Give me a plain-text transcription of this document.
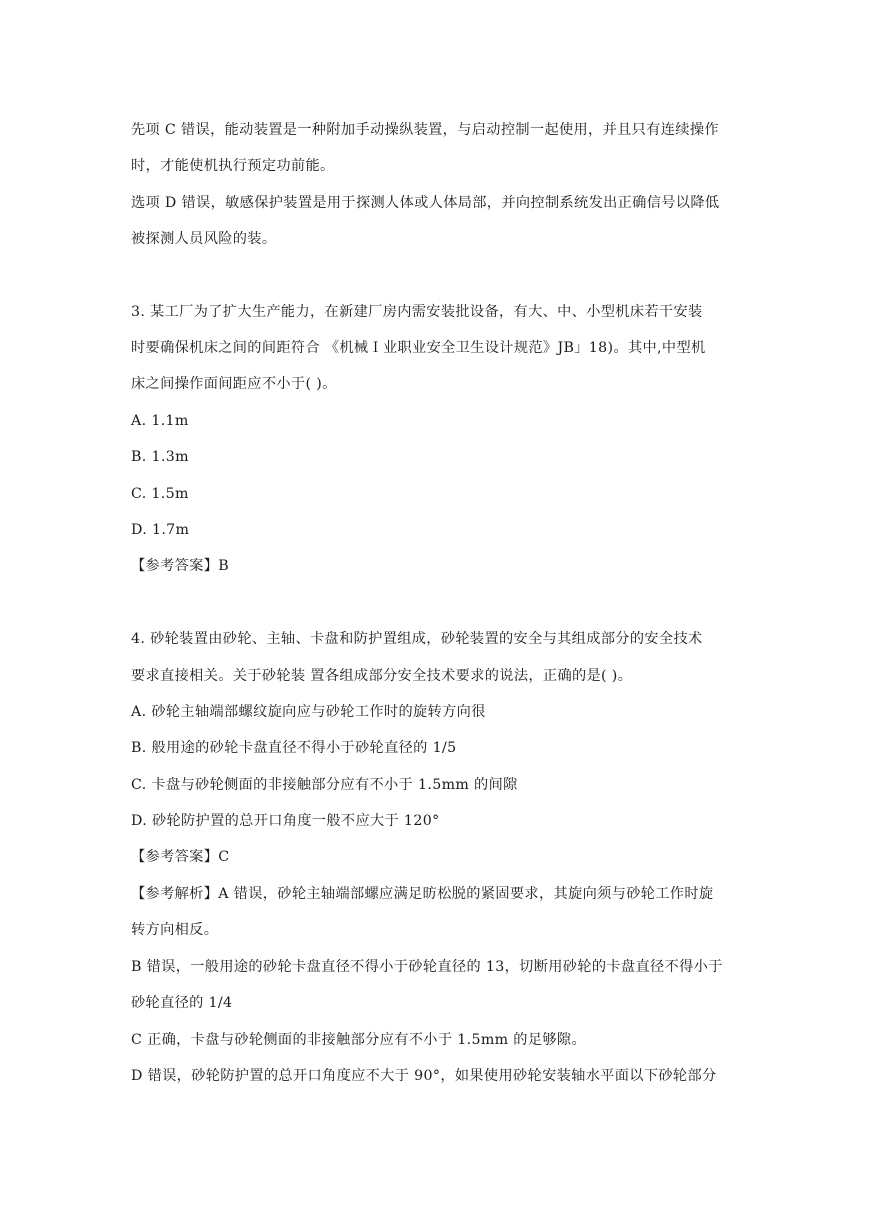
先项 C 错误，能动装置是一种附加手动操纵装置，与启动控制一起使用，并且只有连续操作
时，才能使机执行预定功前能。
选项 D 错误，敏感保护装置是用于探测人体或人体局部，并向控制系统发出正确信号以降低
被探测人员风险的装。
3. 某工厂为了扩大生产能力，在新建厂房内需安装批设备，有大、中、小型机床若干安装
时要确保机床之间的间距符合 《机械Ｉ业职业安全卫生设计规范》JB」18)。其中,中型机
床之间操作面间距应不小于( )。
A. 1.1m
B. 1.3m
C. 1.5m
D. 1.7m
【参考答案】B
4. 砂轮装置由砂轮、主轴、卡盘和防护置组成，砂轮装置的安全与其组成部分的安全技术
要求直接相关。关于砂轮装 置各组成部分安全技术要求的说法，正确的是( )。
A. 砂轮主轴端部螺纹旋向应与砂轮工作时的旋转方向很
B. 般用途的砂轮卡盘直径不得小于砂轮直径的 1/5
C. 卡盘与砂轮侧面的非接触部分应有不小于 1.5mm 的间隙
D. 砂轮防护置的总开口角度一般不应大于 120°
【参考答案】C
【参考解析】A 错误，砂轮主轴端部螺应满足昉松脱的紧固要求，其旋向须与砂轮工作时旋
转方向相反。
B 错误，一般用途的砂轮卡盘直径不得小于砂轮直径的 13，切断用砂轮的卡盘直径不得小于
砂轮直径的 1/4
C 正确，卡盘与砂轮侧面的非接触部分应有不小于 1.5mm 的足够隙。
D 错误，砂轮防护置的总开口角度应不大于 90°，如果使用砂轮安装轴水平面以下砂轮部分
